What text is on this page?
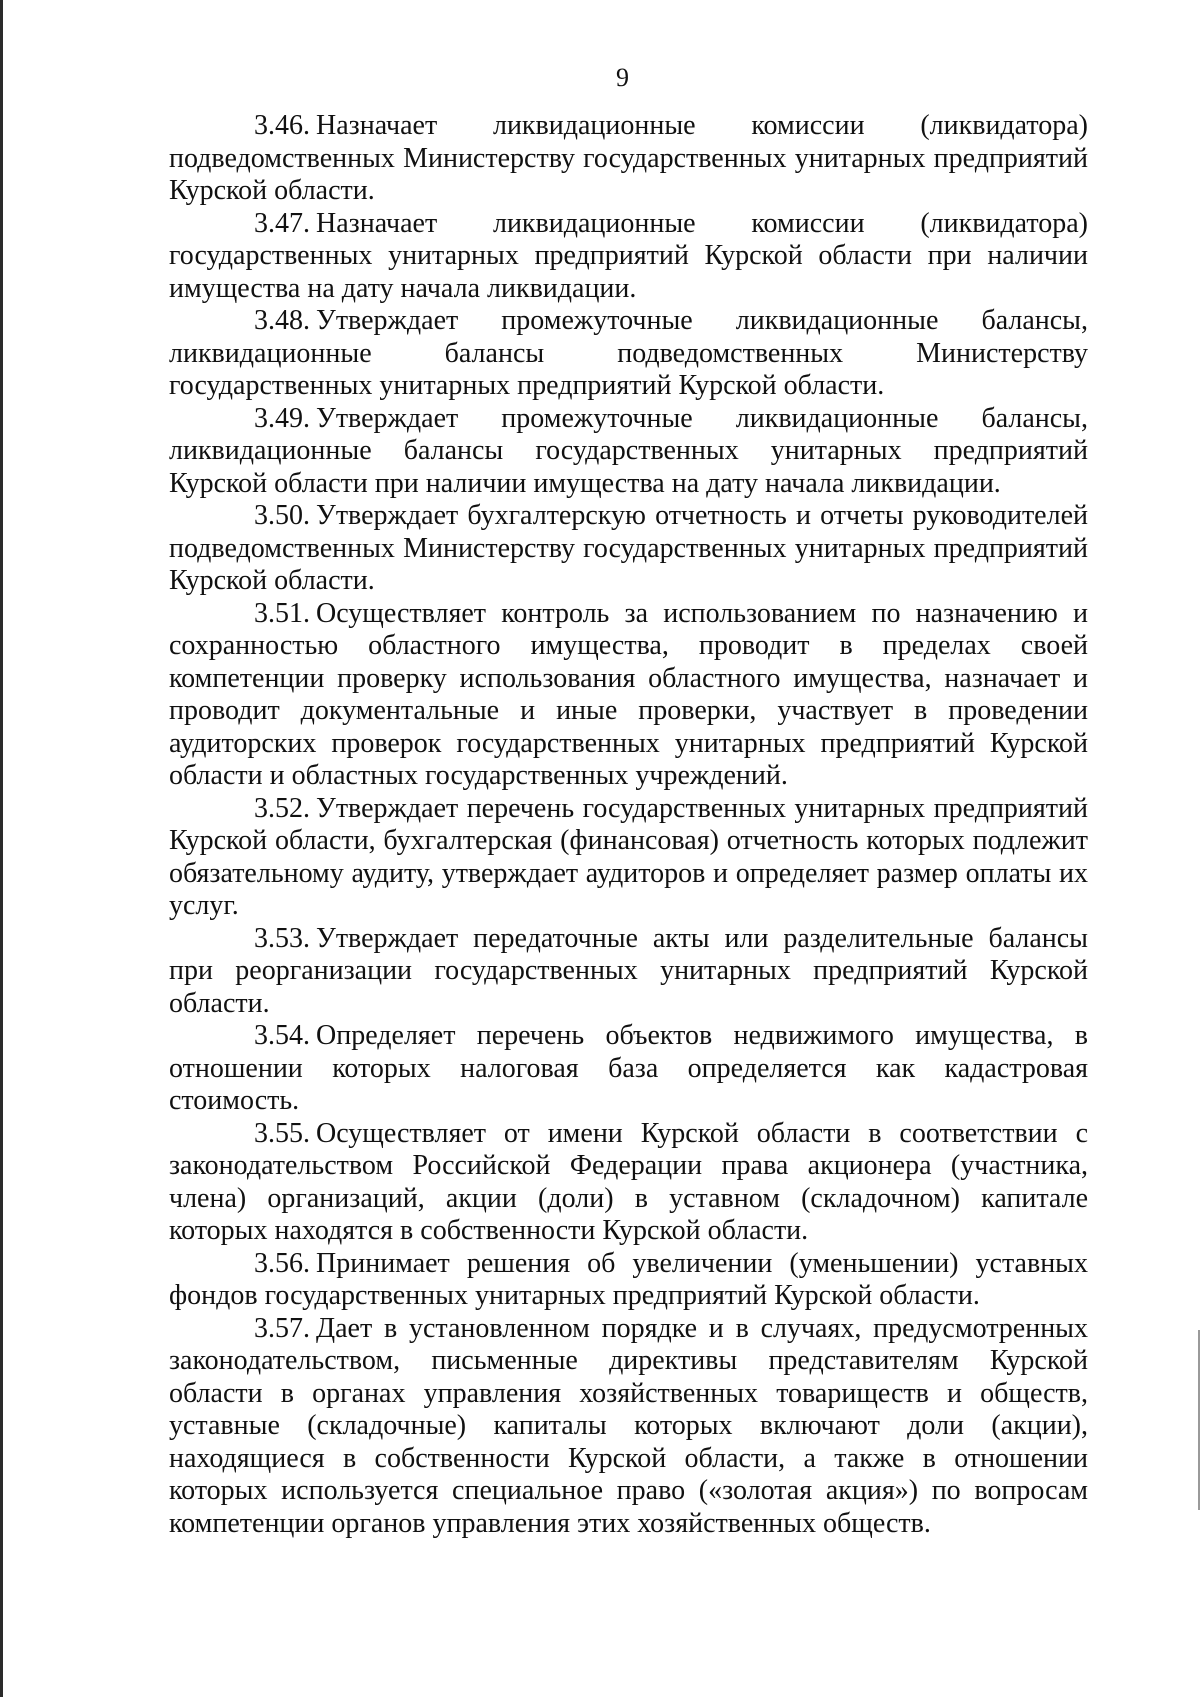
9

3.46. Назначает ликвидационные комиссии (ликвидатора) подведомственных Министерству государственных унитарных предприятий Курской области.

3.47. Назначает ликвидационные комиссии (ликвидатора) государственных унитарных предприятий Курской области при наличии имущества на дату начала ликвидации.

3.48. Утверждает промежуточные ликвидационные балансы, ликвидационные балансы подведомственных Министерству государственных унитарных предприятий Курской области.

3.49. Утверждает промежуточные ликвидационные балансы, ликвидационные балансы государственных унитарных предприятий Курской области при наличии имущества на дату начала ликвидации.

3.50. Утверждает бухгалтерскую отчетность и отчеты руководителей подведомственных Министерству государственных унитарных предприятий Курской области.

3.51. Осуществляет контроль за использованием по назначению и сохранностью областного имущества, проводит в пределах своей компетенции проверку использования областного имущества, назначает и проводит документальные и иные проверки, участвует в проведении аудиторских проверок государственных унитарных предприятий Курской области и областных государственных учреждений.

3.52. Утверждает перечень государственных унитарных предприятий Курской области, бухгалтерская (финансовая) отчетность которых подлежит обязательному аудиту, утверждает аудиторов и определяет размер оплаты их услуг.

3.53. Утверждает передаточные акты или разделительные балансы при реорганизации государственных унитарных предприятий Курской области.

3.54. Определяет перечень объектов недвижимого имущества, в отношении которых налоговая база определяется как кадастровая стоимость.

3.55. Осуществляет от имени Курской области в соответствии с законодательством Российской Федерации права акционера (участника, члена) организаций, акции (доли) в уставном (складочном) капитале которых находятся в собственности Курской области.

3.56. Принимает решения об увеличении (уменьшении) уставных фондов государственных унитарных предприятий Курской области.

3.57. Дает в установленном порядке и в случаях, предусмотренных законодательством, письменные директивы представителям Курской области в органах управления хозяйственных товариществ и обществ, уставные (складочные) капиталы которых включают доли (акции), находящиеся в собственности Курской области, а также в отношении которых используется специальное право («золотая акция») по вопросам компетенции органов управления этих хозяйственных обществ.
